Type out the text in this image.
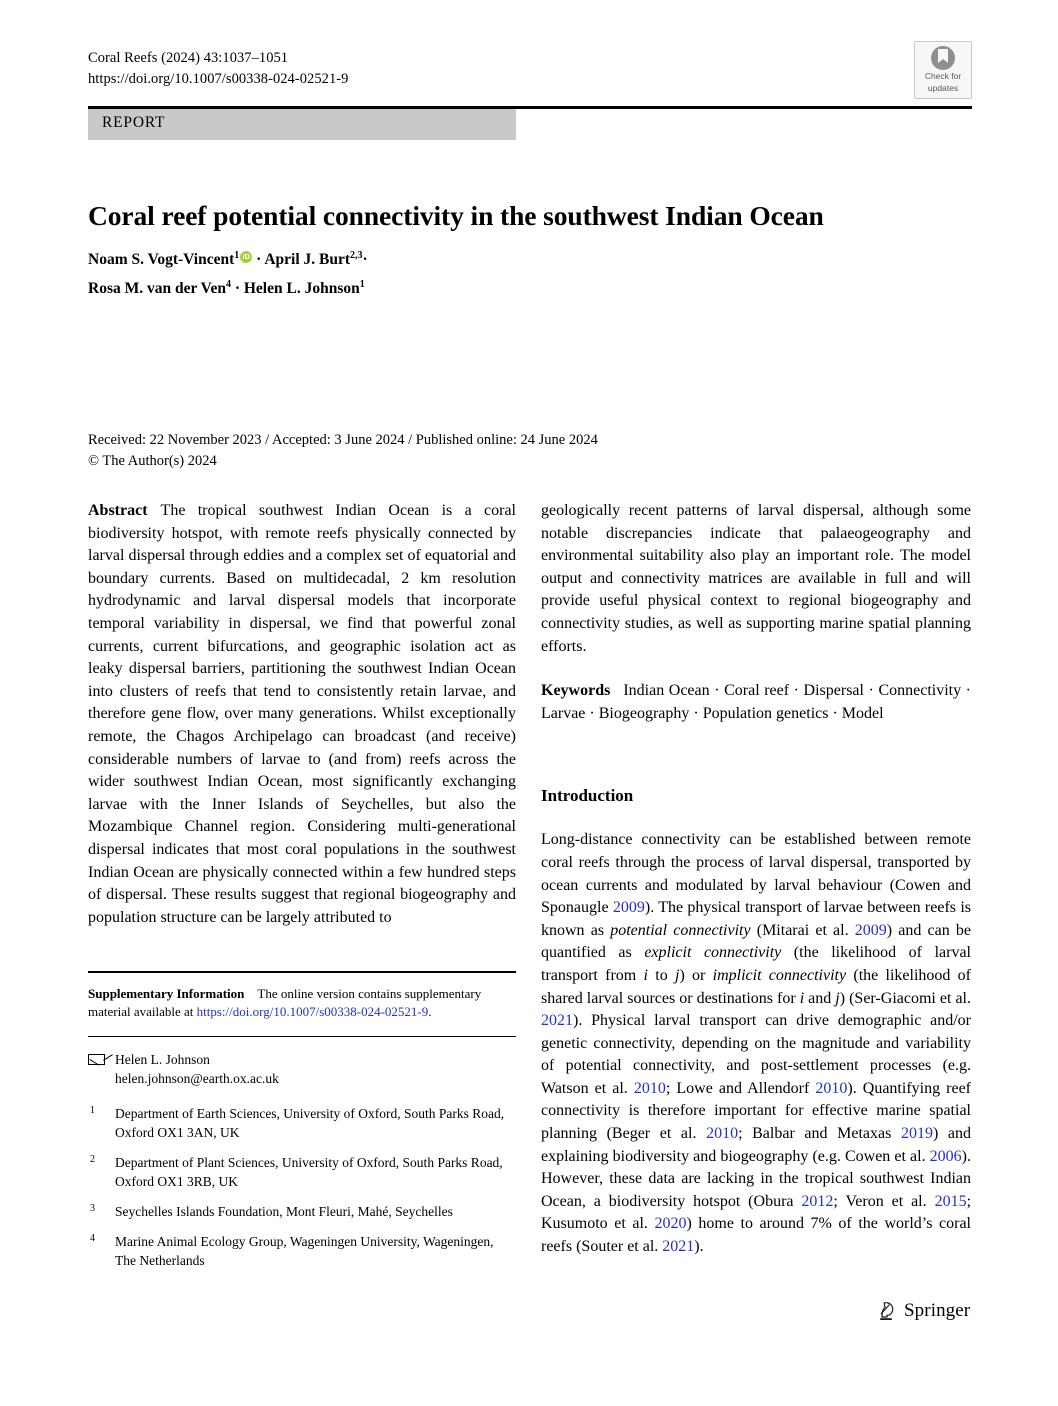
Coral Reefs (2024) 43:1037–1051
https://doi.org/10.1007/s00338-024-02521-9	Check for
updates
REPORT
Coral reef potential connectivity in the southwest Indian Ocean
Noam S. Vogt-Vincent$^1$ iD · April J. Burt$^{2,3}$·
Rosa M. van der Ven$^4$ · Helen L. Johnson$^1$
Received: 22 November 2023 / Accepted: 3 June 2024 / Published online: 24 June 2024
© The Author(s) 2024

Abstract The tropical southwest Indian Ocean is a coral biodiversity hotspot, with remote reefs physically connected by larval dispersal through eddies and a complex set of equatorial and boundary currents. Based on multidecadal, 2 km resolution hydrodynamic and larval dispersal models that incorporate temporal variability in dispersal, we find that powerful zonal currents, current bifurcations, and geographic isolation act as leaky dispersal barriers, partitioning the southwest Indian Ocean into clusters of reefs that tend to consistently retain larvae, and therefore gene flow, over many generations. Whilst exceptionally remote, the Chagos Archipelago can broadcast (and receive) considerable numbers of larvae to (and from) reefs across the wider southwest Indian Ocean, most significantly exchanging larvae with the Inner Islands of Seychelles, but also the Mozambique Channel region. Considering multi-generational dispersal indicates that most coral populations in the southwest Indian Ocean are physically connected within a few hundred steps of dispersal. These results suggest that regional biogeography and population structure can be largely attributed to

Supplementary Information The online version contains supplementary material available at https://doi.org/10.1007/s00338-024-02521-9.

Helen L. Johnson
helen.johnson@earth.ox.ac.uk
1 Department of Earth Sciences, University of Oxford, South Parks Road, Oxford OX1 3AN, UK
2 Department of Plant Sciences, University of Oxford, South Parks Road, Oxford OX1 3RB, UK
3 Seychelles Islands Foundation, Mont Fleuri, Mahé, Seychelles
4 Marine Animal Ecology Group, Wageningen University, Wageningen, The Netherlands

geologically recent patterns of larval dispersal, although some notable discrepancies indicate that palaeogeography and environmental suitability also play an important role. The model output and connectivity matrices are available in full and will provide useful physical context to regional biogeography and connectivity studies, as well as supporting marine spatial planning efforts.

Keywords Indian Ocean · Coral reef · Dispersal · Connectivity · Larvae · Biogeography · Population genetics · Model

Introduction

Long-distance connectivity can be established between remote coral reefs through the process of larval dispersal, transported by ocean currents and modulated by larval behaviour (Cowen and Sponaugle 2009). The physical transport of larvae between reefs is known as potential connectivity (Mitarai et al. 2009) and can be quantified as explicit connectivity (the likelihood of larval transport from i to j) or implicit connectivity (the likelihood of shared larval sources or destinations for i and j) (Ser-Giacomi et al. 2021). Physical larval transport can drive demographic and/or genetic connectivity, depending on the magnitude and variability of potential connectivity, and post-settlement processes (e.g. Watson et al. 2010; Lowe and Allendorf 2010). Quantifying reef connectivity is therefore important for effective marine spatial planning (Beger et al. 2010; Balbar and Metaxas 2019) and explaining biodiversity and biogeography (e.g. Cowen et al. 2006). However, these data are lacking in the tropical southwest Indian Ocean, a biodiversity hotspot (Obura 2012; Veron et al. 2015; Kusumoto et al. 2020) home to around 7% of the world’s coral reefs (Souter et al. 2021).

Springer
